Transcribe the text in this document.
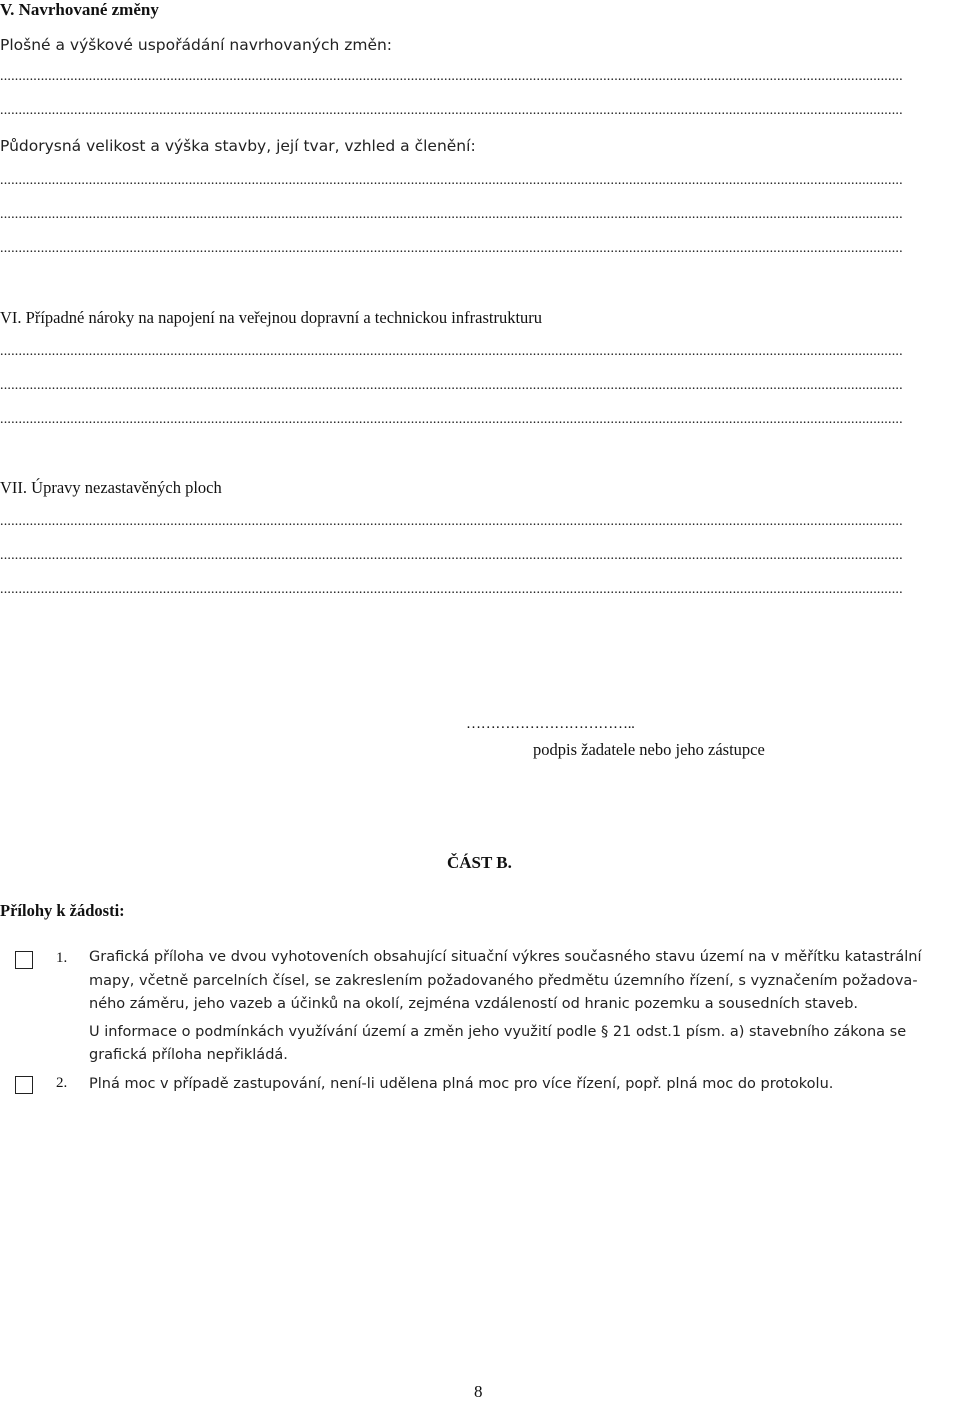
V. Navrhované změny
Plošné a výškové uspořádání navrhovaných změn:
....................................................................................................................................................................................................................................................
....................................................................................................................................................................................................................................................
Půdorysná velikost a výška stavby, její tvar, vzhled a členění:
....................................................................................................................................................................................................................................................
....................................................................................................................................................................................................................................................
....................................................................................................................................................................................................................................................
VI. Případné nároky na napojení na veřejnou dopravní a technickou infrastrukturu
....................................................................................................................................................................................................................................................
....................................................................................................................................................................................................................................................
....................................................................................................................................................................................................................................................
VII. Úpravy nezastavěných ploch
....................................................................................................................................................................................................................................................
....................................................................................................................................................................................................................................................
....................................................................................................................................................................................................................................................
……………………………..
podpis žadatele nebo jeho zástupce
ČÁST B.
Přílohy k žádosti:
1. Grafická příloha ve dvou vyhotoveních obsahující situační výkres současného stavu území na v měřítku katastrální
mapy, včetně parcelních čísel, se zakreslením požadovaného předmětu územního řízení, s vyznačením požadova-
ného záměru, jeho vazeb a účinků na okolí, zejména vzdáleností od hranic pozemku a sousedních staveb.
U informace o podmínkách využívání území a změn jeho využití podle § 21 odst.1 písm. a) stavebního zákona se
grafická příloha nepřikládá.
2. Plná moc v případě zastupování, není-li udělena plná moc pro více řízení, popř. plná moc do protokolu.
8
